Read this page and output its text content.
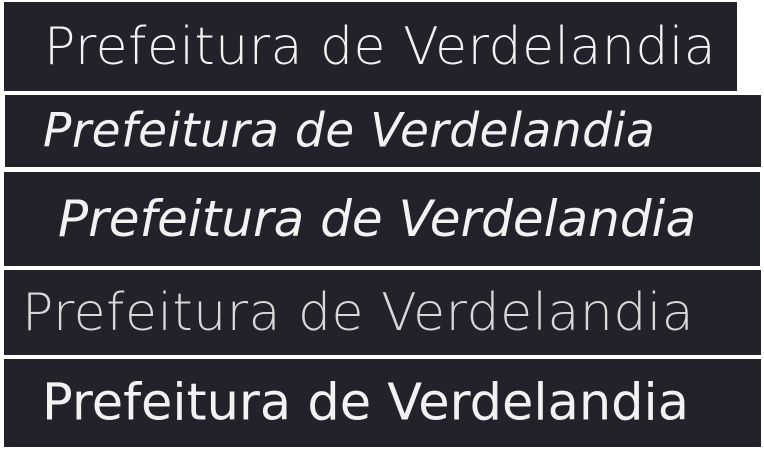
Prefeitura de Verdelandia
Prefeitura de Verdelandia
Prefeitura de Verdelandia
Prefeitura de Verdelandia
Prefeitura de Verdelandia
